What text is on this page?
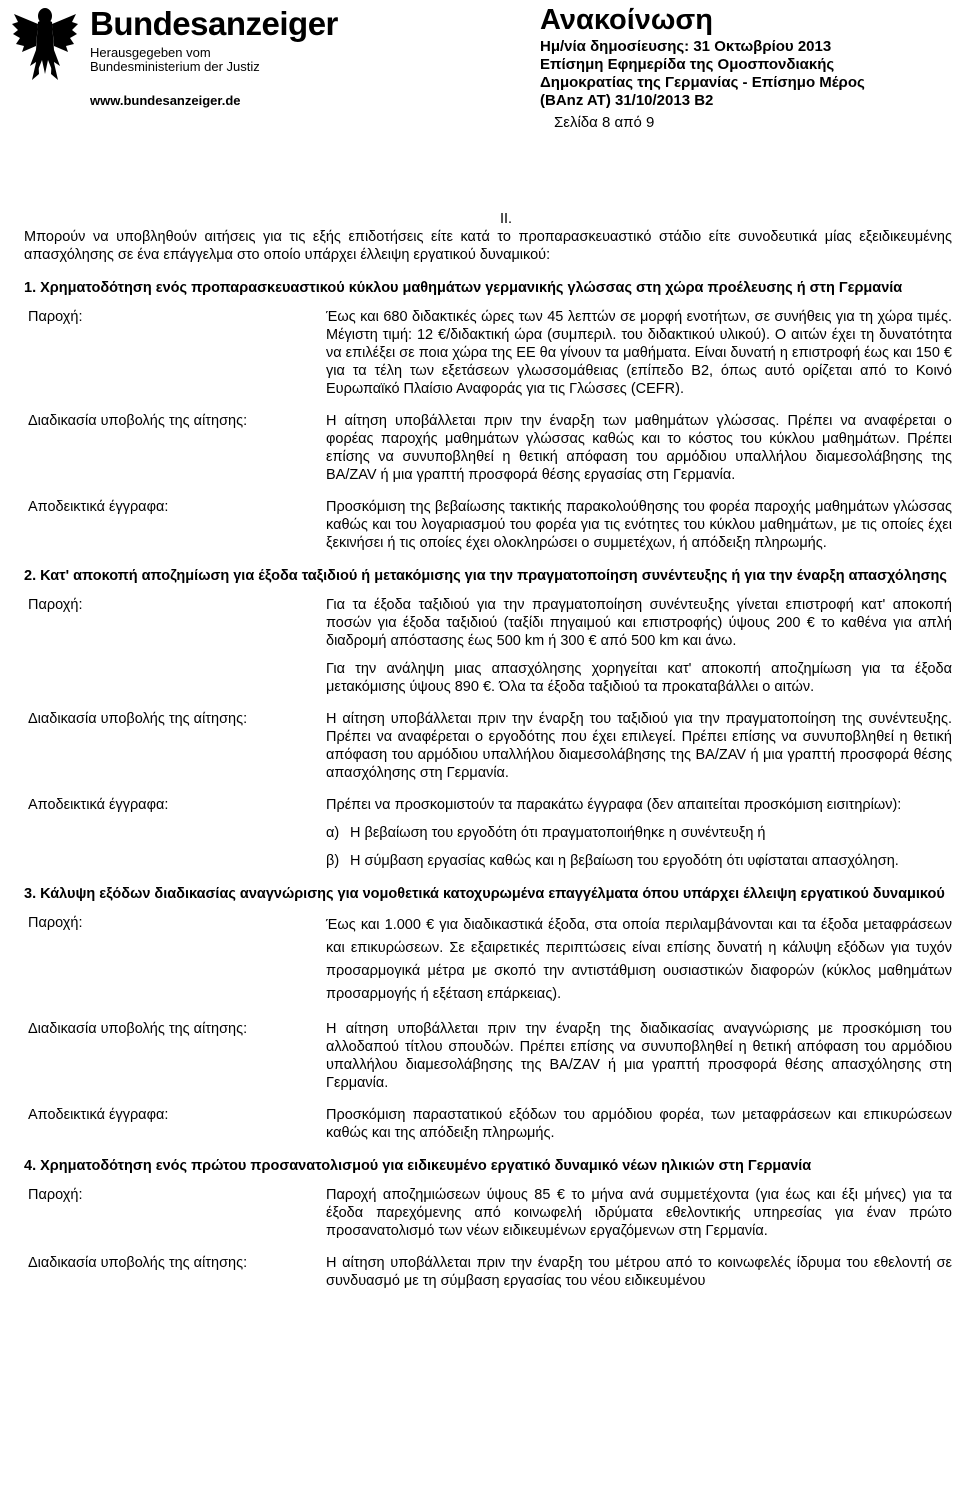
Bundesanzeiger
Herausgegeben vom
Bundesministerium der Justiz
www.bundesanzeiger.de
Ανακοίνωση
Ημ/νία δημοσίευσης: 31 Οκτωβρίου 2013
Επίσημη Εφημερίδα της Ομοσπονδιακής
Δημοκρατίας της Γερμανίας - Επίσημο Μέρος
(BAnz AT) 31/10/2013 B2
Σελίδα 8 από 9
II.

Μπορούν να υποβληθούν αιτήσεις για τις εξής επιδοτήσεις είτε κατά το προπαρασκευαστικό στάδιο είτε συνοδευτικά μίας εξειδικευμένης απασχόλησης σε ένα επάγγελμα στο οποίο υπάρχει έλλειψη εργατικού δυναμικού:

1. Χρηματοδότηση ενός προπαρασκευαστικού κύκλου μαθημάτων γερμανικής γλώσσας στη χώρα προέλευσης ή στη Γερμανία
Παροχή:	Έως και 680 διδακτικές ώρες των 45 λεπτών σε μορφή ενοτήτων, σε συνήθεις για τη χώρα τιμές. Μέγιστη τιμή: 12 €/διδακτική ώρα (συμπεριλ. του διδακτικού υλικού). Ο αιτών έχει τη δυνατότητα να επιλέξει σε ποια χώρα της ΕΕ θα γίνουν τα μαθήματα. Είναι δυνατή η επιστροφή έως και 150 € για τα τέλη των εξετάσεων γλωσσομάθειας (επίπεδο Β2, όπως αυτό ορίζεται από το Κοινό Ευρωπαϊκό Πλαίσιο Αναφοράς για τις Γλώσσες (CEFR).

Διαδικασία υποβολής της αίτησης:	Η αίτηση υποβάλλεται πριν την έναρξη των μαθημάτων γλώσσας. Πρέπει να αναφέρεται ο φορέας παροχής μαθημάτων γλώσσας καθώς και το κόστος του κύκλου μαθημάτων. Πρέπει επίσης να συνυποβληθεί η θετική απόφαση του αρμόδιου υπαλλήλου διαμεσολάβησης της BA/ZAV ή μια γραπτή προσφορά θέσης εργασίας στη Γερμανία.

Αποδεικτικά έγγραφα:	Προσκόμιση της βεβαίωσης τακτικής παρακολούθησης του φορέα παροχής μαθημάτων γλώσσας καθώς και του λογαριασμού του φορέα για τις ενότητες του κύκλου μαθημάτων, με τις οποίες έχει ξεκινήσει ή τις οποίες έχει ολοκληρώσει ο συμμετέχων, ή απόδειξη πληρωμής.

2. Κατ' αποκοπή αποζημίωση για έξοδα ταξιδιού ή μετακόμισης για την πραγματοποίηση συνέντευξης ή για την έναρξη απασχόλησης
Παροχή:	Για τα έξοδα ταξιδιού για την πραγματοποίηση συνέντευξης γίνεται επιστροφή κατ' αποκοπή ποσών για έξοδα ταξιδιού (ταξίδι πηγαιμού και επιστροφής) ύψους 200 € το καθένα για απλή διαδρομή απόστασης έως 500 km ή 300 € από 500 km και άνω.

Για την ανάληψη μιας απασχόλησης χορηγείται κατ' αποκοπή αποζημίωση για τα έξοδα μετακόμισης ύψους 890 €. Όλα τα έξοδα ταξιδιού τα προκαταβάλλει ο αιτών.

Διαδικασία υποβολής της αίτησης:	Η αίτηση υποβάλλεται πριν την έναρξη του ταξιδιού για την πραγματοποίηση της συνέντευξης. Πρέπει να αναφέρεται ο εργοδότης που έχει επιλεγεί. Πρέπει επίσης να συνυποβληθεί η θετική απόφαση του αρμόδιου υπαλλήλου διαμεσολάβησης της BA/ZAV ή μια γραπτή προσφορά θέσης απασχόλησης στη Γερμανία.

Αποδεικτικά έγγραφα:	Πρέπει να προσκομιστούν τα παρακάτω έγγραφα (δεν απαιτείται προσκόμιση εισιτηρίων):

α) Η βεβαίωση του εργοδότη ότι πραγματοποιήθηκε η συνέντευξη ή
β) Η σύμβαση εργασίας καθώς και η βεβαίωση του εργοδότη ότι υφίσταται απασχόληση.
3. Κάλυψη εξόδων διαδικασίας αναγνώρισης για νομοθετικά κατοχυρωμένα επαγγέλματα όπου υπάρχει έλλειψη εργατικού δυναμικού
Παροχή:	Έως και 1.000 € για διαδικαστικά έξοδα, στα οποία περιλαμβάνονται και τα έξοδα μεταφράσεων και επικυρώσεων. Σε εξαιρετικές περιπτώσεις είναι επίσης δυνατή η κάλυψη εξόδων για τυχόν προσαρμογικά μέτρα με σκοπό την αντιστάθμιση ουσιαστικών διαφορών (κύκλος μαθημάτων προσαρμογής ή εξέταση επάρκειας).

Διαδικασία υποβολής της αίτησης:	Η αίτηση υποβάλλεται πριν την έναρξη της διαδικασίας αναγνώρισης με προσκόμιση του αλλοδαπού τίτλου σπουδών. Πρέπει επίσης να συνυποβληθεί η θετική απόφαση του αρμόδιου υπαλλήλου διαμεσολάβησης της BA/ZAV ή μια γραπτή προσφορά θέσης απασχόλησης στη Γερμανία.

Αποδεικτικά έγγραφα:	Προσκόμιση παραστατικού εξόδων του αρμόδιου φορέα, των μεταφράσεων και επικυρώσεων καθώς και της απόδειξη πληρωμής.

4. Χρηματοδότηση ενός πρώτου προσανατολισμού για ειδικευμένο εργατικό δυναμικό νέων ηλικιών στη Γερμανία
Παροχή:	Παροχή αποζημιώσεων ύψους 85 € το μήνα ανά συμμετέχοντα (για έως και έξι μήνες) για τα έξοδα παρεχόμενης από κοινωφελή ιδρύματα εθελοντικής υπηρεσίας για έναν πρώτο προσανατολισμό των νέων ειδικευμένων εργαζόμενων στη Γερμανία.

Διαδικασία υποβολής της αίτησης:	Η αίτηση υποβάλλεται πριν την έναρξη του μέτρου από το κοινωφελές ίδρυμα του εθελοντή σε συνδυασμό με τη σύμβαση εργασίας του νέου ειδικευμένου
